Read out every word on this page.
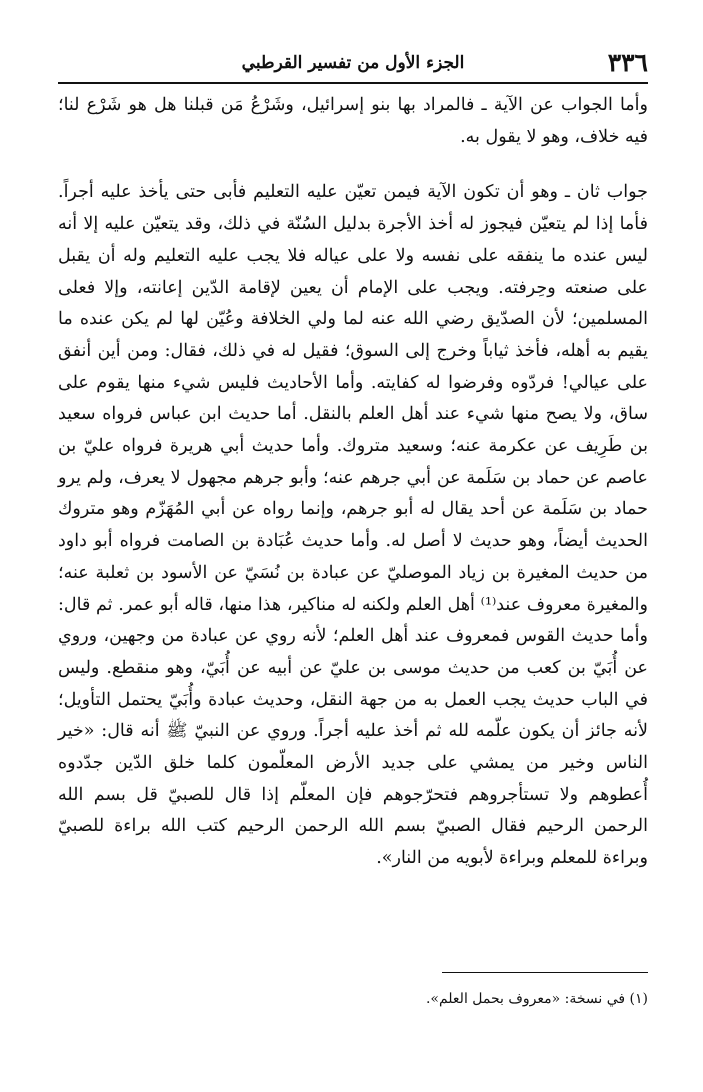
٣٣٦
الجزء الأول من تفسير القرطبي

وأما الجواب عن الآية ـ فالمراد بها بنو إسرائيل، وشَرْعُ مَن قبلنا هل هو شَرْع لنا؛ فيه خلاف، وهو لا يقول به.

جواب ثان ـ وهو أن تكون الآية فيمن تعيّن عليه التعليم فأبى حتى يأخذ عليه أجراً. فأما إذا لم يتعيّن فيجوز له أخذ الأجرة بدليل السُنّة في ذلك، وقد يتعيّن عليه إلا أنه ليس عنده ما ينفقه على نفسه ولا على عياله فلا يجب عليه التعليم وله أن يقبل على صنعته وحِرفته. ويجب على الإمام أن يعين لإقامة الدّين إعانته، وإلا فعلى المسلمين؛ لأن الصدّيق رضي الله عنه لما ولي الخلافة وعُيّن لها لم يكن عنده ما يقيم به أهله، فأخذ ثياباً وخرج إلى السوق؛ فقيل له في ذلك، فقال: ومن أين أنفق على عيالي! فردّوه وفرضوا له كفايته. وأما الأحاديث فليس شيء منها يقوم على ساق، ولا يصح منها شيء عند أهل العلم بالنقل. أما حديث ابن عباس فرواه سعيد بن طَرِيف عن عكرمة عنه؛ وسعيد متروك. وأما حديث أبي هريرة فرواه عليّ بن عاصم عن حماد بن سَلَمة عن أبي جرهم عنه؛ وأبو جرهم مجهول لا يعرف، ولم يرو حماد بن سَلَمة عن أحد يقال له أبو جرهم، وإنما رواه عن أبي المُهَزّم وهو متروك الحديث أيضاً، وهو حديث لا أصل له. وأما حديث عُبَادة بن الصامت فرواه أبو داود من حديث المغيرة بن زياد الموصليّ عن عبادة بن نُسَيّ عن الأسود بن ثعلبة عنه؛ والمغيرة معروف عند⁽¹⁾ أهل العلم ولكنه له مناكير، هذا منها، قاله أبو عمر. ثم قال: وأما حديث القوس فمعروف عند أهل العلم؛ لأنه روي عن عبادة من وجهين، وروي عن أُبَيّ بن كعب من حديث موسى بن عليّ عن أبيه عن أُبَيّ، وهو منقطع. وليس في الباب حديث يجب العمل به من جهة النقل، وحديث عبادة وأُبَيّ يحتمل التأويل؛ لأنه جائز أن يكون علّمه لله ثم أخذ عليه أجراً. وروي عن النبيّ ﷺ أنه قال: «خير الناس وخير من يمشي على جديد الأرض المعلّمون كلما خلق الدّين جدّدوه أُعطوهم ولا تستأجروهم فتحرّجوهم فإن المعلّم إذا قال للصبيّ قل بسم الله الرحمن الرحيم فقال الصبيّ بسم الله الرحمن الرحيم كتب الله براءة للصبيّ وبراءة للمعلم وبراءة لأبويه من النار».

(١) في نسخة: «معروف بحمل العلم».
